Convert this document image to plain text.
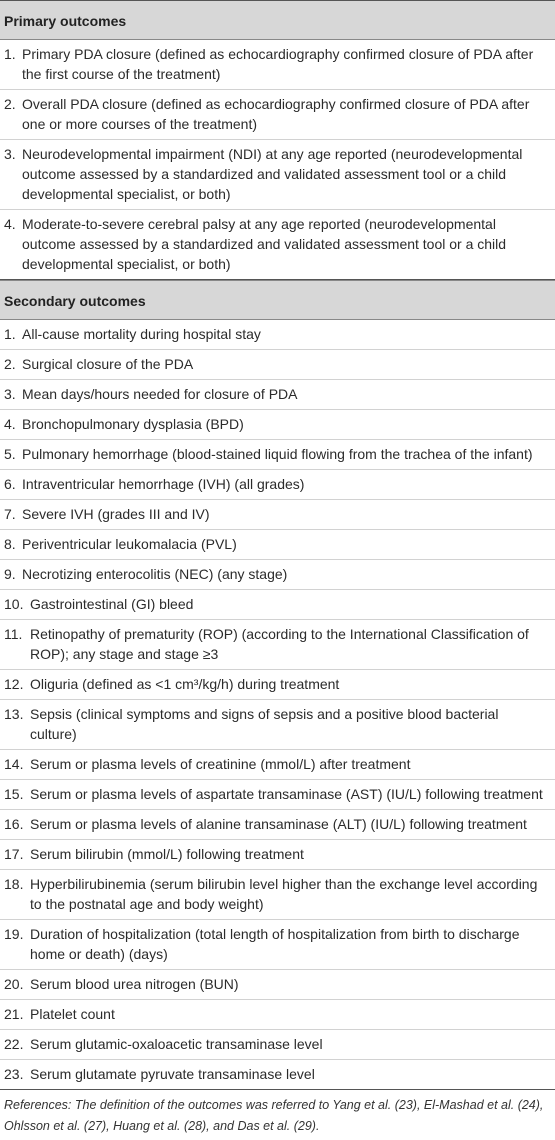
Primary outcomes
1. Primary PDA closure (defined as echocardiography confirmed closure of PDA after the first course of the treatment)
2. Overall PDA closure (defined as echocardiography confirmed closure of PDA after one or more courses of the treatment)
3. Neurodevelopmental impairment (NDI) at any age reported (neurodevelopmental outcome assessed by a standardized and validated assessment tool or a child developmental specialist, or both)
4. Moderate-to-severe cerebral palsy at any age reported (neurodevelopmental outcome assessed by a standardized and validated assessment tool or a child developmental specialist, or both)
Secondary outcomes
1. All-cause mortality during hospital stay
2. Surgical closure of the PDA
3. Mean days/hours needed for closure of PDA
4. Bronchopulmonary dysplasia (BPD)
5. Pulmonary hemorrhage (blood-stained liquid flowing from the trachea of the infant)
6. Intraventricular hemorrhage (IVH) (all grades)
7. Severe IVH (grades III and IV)
8. Periventricular leukomalacia (PVL)
9. Necrotizing enterocolitis (NEC) (any stage)
10. Gastrointestinal (GI) bleed
11. Retinopathy of prematurity (ROP) (according to the International Classification of ROP); any stage and stage ≥3
12. Oliguria (defined as <1 cm³/kg/h) during treatment
13. Sepsis (clinical symptoms and signs of sepsis and a positive blood bacterial culture)
14. Serum or plasma levels of creatinine (mmol/L) after treatment
15. Serum or plasma levels of aspartate transaminase (AST) (IU/L) following treatment
16. Serum or plasma levels of alanine transaminase (ALT) (IU/L) following treatment
17. Serum bilirubin (mmol/L) following treatment
18. Hyperbilirubinemia (serum bilirubin level higher than the exchange level according to the postnatal age and body weight)
19. Duration of hospitalization (total length of hospitalization from birth to discharge home or death) (days)
20. Serum blood urea nitrogen (BUN)
21. Platelet count
22. Serum glutamic-oxaloacetic transaminase level
23. Serum glutamate pyruvate transaminase level
References: The definition of the outcomes was referred to Yang et al. (23), El-Mashad et al. (24), Ohlsson et al. (27), Huang et al. (28), and Das et al. (29).
